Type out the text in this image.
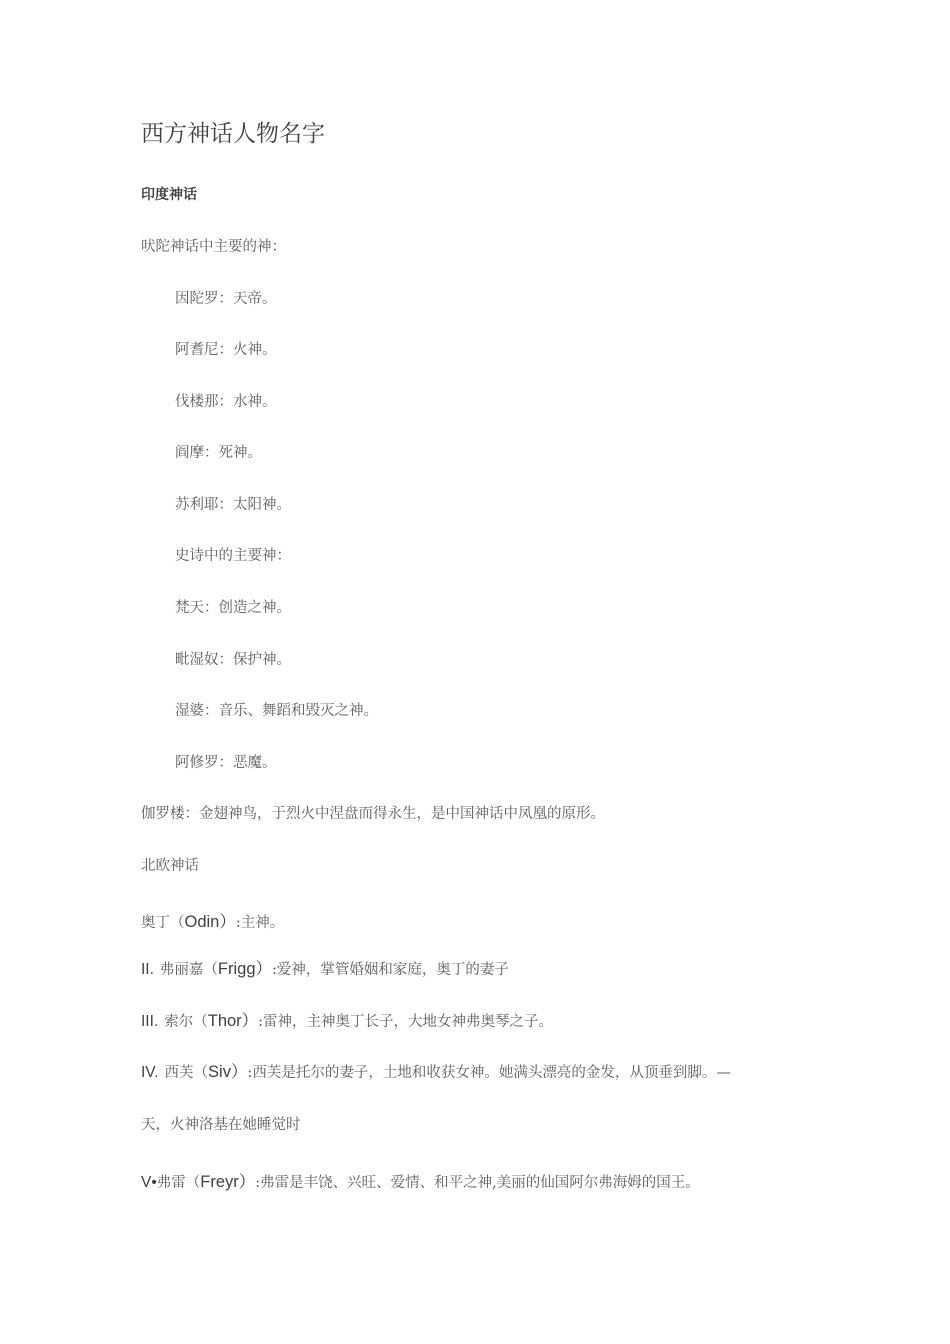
西方神话人物名字
印度神话
吠陀神话中主要的神：
因陀罗：天帝。
阿耆尼：火神。
伐楼那：水神。
阎摩：死神。
苏利耶：太阳神。
史诗中的主要神：
梵天：创造之神。
毗湿奴：保护神。
湿婆：音乐、舞蹈和毁灭之神。
阿修罗：恶魔。
伽罗楼：金翅神鸟，于烈火中涅盘而得永生，是中国神话中凤凰的原形。
北欧神话
奥丁（Odin）:主神。
II. 弗丽嘉（Frigg）:爱神，掌管婚姻和家庭，奥丁的妻子
III. 索尔（Thor）:雷神，主神奥丁长子，大地女神弗奥琴之子。
IV. 西芙（Siv）:西芙是托尔的妻子，土地和收获女神。她满头漂亮的金发，从顶垂到脚。—
天，火神洛基在她睡觉时
V•弗雷（Freyr）:弗雷是丰饶、兴旺、爱情、和平之神,美丽的仙国阿尔弗海姆的国王。
